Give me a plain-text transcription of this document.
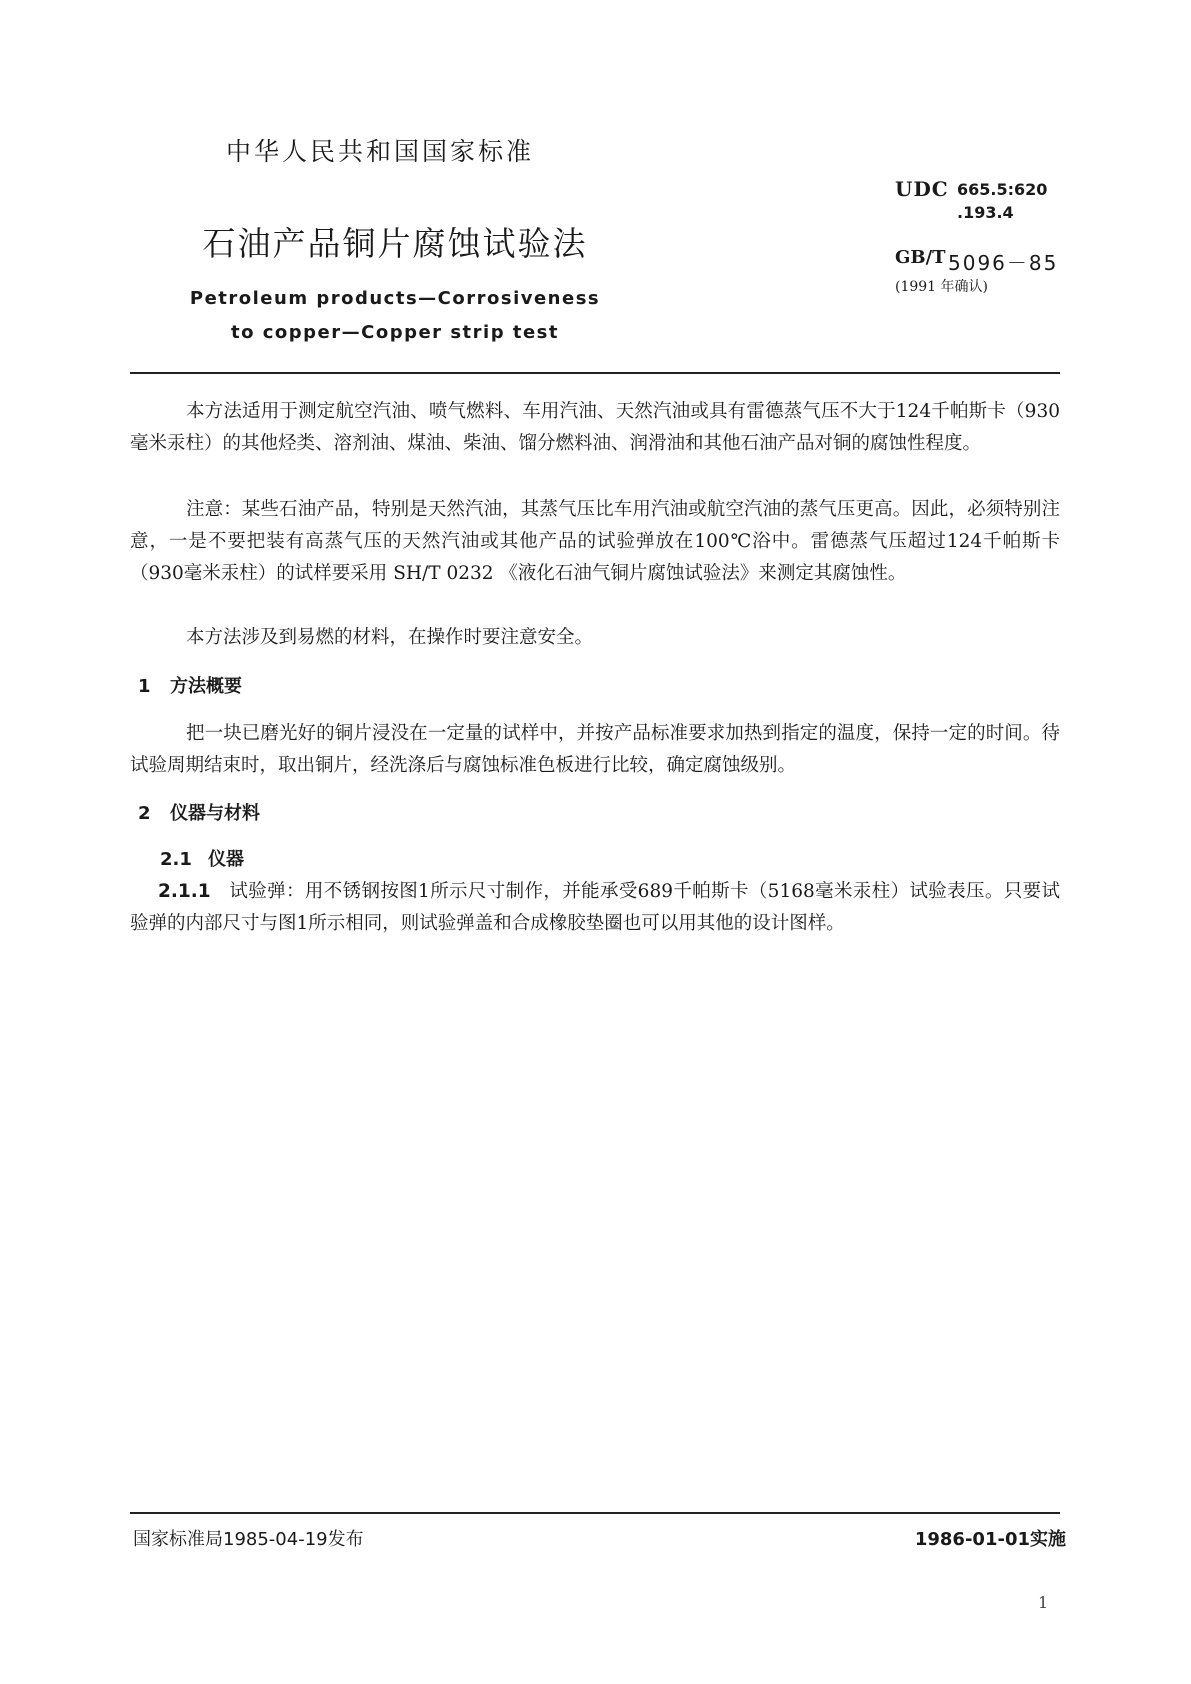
中华人民共和国国家标准
石油产品铜片腐蚀试验法
Petroleum products—Corrosiveness
to copper—Copper strip test
UDC 665.5:620
.193.4
GB/T 5096－85
(1991 年确认)

本方法适用于测定航空汽油、喷气燃料、车用汽油、天然汽油或具有雷德蒸气压不大于124千帕斯卡（930毫米汞柱）的其他烃类、溶剂油、煤油、柴油、馏分燃料油、润滑油和其他石油产品对铜的腐蚀性程度。

注意：某些石油产品，特别是天然汽油，其蒸气压比车用汽油或航空汽油的蒸气压更高。因此，必须特别注意，一是不要把装有高蒸气压的天然汽油或其他产品的试验弹放在100℃浴中。雷德蒸气压超过124千帕斯卡（930毫米汞柱）的试样要采用 SH/T 0232 《液化石油气铜片腐蚀试验法》来测定其腐蚀性。

本方法涉及到易燃的材料，在操作时要注意安全。

1 方法概要

把一块已磨光好的铜片浸没在一定量的试样中，并按产品标准要求加热到指定的温度，保持一定的时间。待试验周期结束时，取出铜片，经洗涤后与腐蚀标准色板进行比较，确定腐蚀级别。

2 仪器与材料
2.1 仪器

2.1.1 试验弹：用不锈钢按图1所示尺寸制作，并能承受689千帕斯卡（5168毫米汞柱）试验表压。只要试验弹的内部尺寸与图1所示相同，则试验弹盖和合成橡胶垫圈也可以用其他的设计图样。

国家标准局1985-04-19发布	1986-01-01实施
1
